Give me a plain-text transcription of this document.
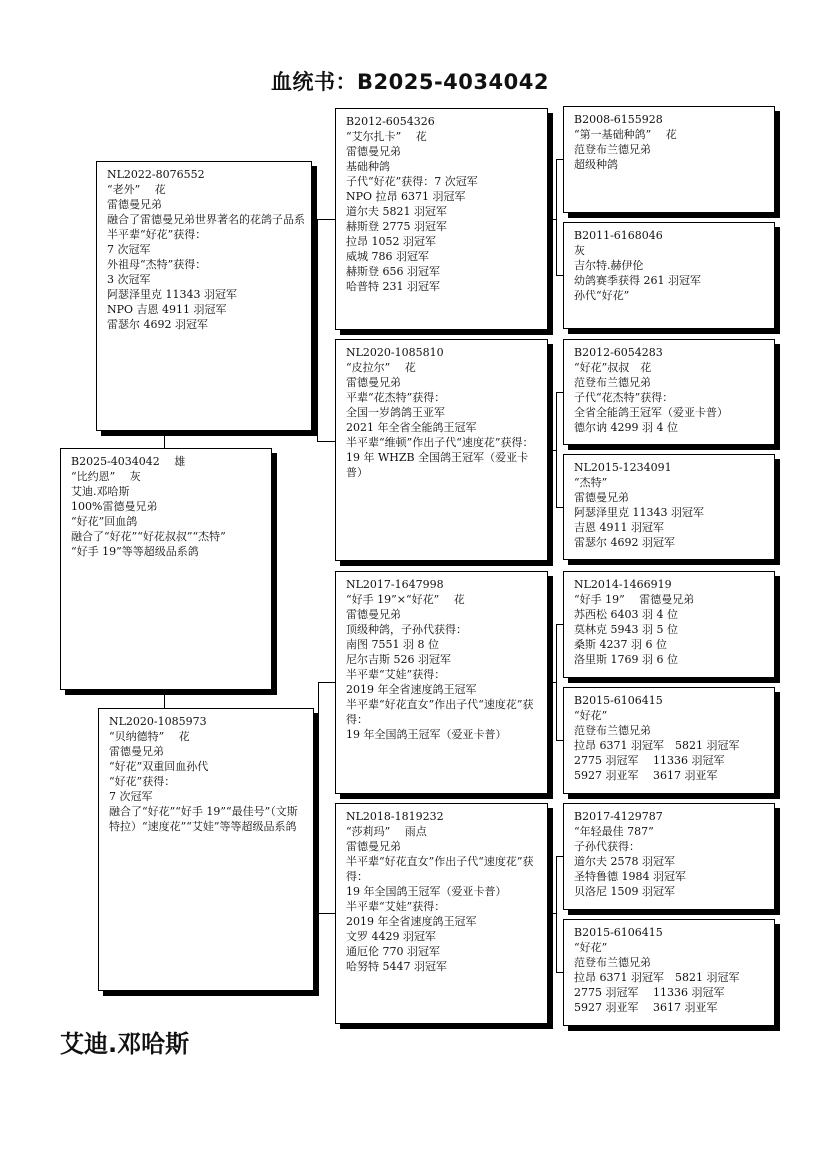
血统书：B2025-4034042
B2025-4034042　 雄
“比约恩”　 灰
艾迪.邓哈斯
100%雷德曼兄弟
“好花”回血鸽
融合了“好花”“好花叔叔”“杰特”
“好手 19”等等超级品系鸽
NL2022-8076552
“老外”　 花
雷德曼兄弟
融合了雷德曼兄弟世界著名的花鸽子品系
半平辈“好花”获得：
7 次冠军
外祖母“杰特”获得：
3 次冠军
阿瑟泽里克 11343 羽冠军
NPO 吉恩 4911 羽冠军
雷瑟尔 4692 羽冠军
NL2020-1085973
“贝纳德特”　 花
雷德曼兄弟
“好花”双重回血孙代
“好花”获得：
7 次冠军
融合了“好花”“好手 19”“最佳号”（文斯特拉）“速度花”“艾娃”等等超级品系鸽
B2012-6054326
“艾尔扎卡”　 花
雷德曼兄弟
基础种鸽
子代“好花”获得：7 次冠军
NPO 拉昂 6371 羽冠军
道尔夫 5821 羽冠军
赫斯登 2775 羽冠军
拉昂 1052 羽冠军
威城 786 羽冠军
赫斯登 656 羽冠军
哈普特 231 羽冠军
NL2020-1085810
“皮拉尔”　 花
雷德曼兄弟
平辈“花杰特”获得：
全国一岁鸽鸽王亚军
2021 年全省全能鸽王冠军
半平辈“维顿”作出子代“速度花”获得：
19 年 WHZB 全国鸽王冠军（爱亚卡普）
NL2017-1647998
“好手 19”×“好花”　 花
雷德曼兄弟
顶级种鸽，子孙代获得：
南图 7551 羽 8 位
尼尔吉斯 526 羽冠军
半平辈“艾娃”获得：
2019 年全省速度鸽王冠军
半平辈“好花直女”作出子代“速度花”获得：
19 年全国鸽王冠军（爱亚卡普）
NL2018-1819232
“莎莉玛”　 雨点
雷德曼兄弟
半平辈“好花直女”作出子代“速度花”获得：
19 年全国鸽王冠军（爱亚卡普）
半平辈“艾娃”获得：
2019 年全省速度鸽王冠军
文罗 4429 羽冠军
通厄伦 770 羽冠军
哈努特 5447 羽冠军
B2008-6155928
“第一基础种鸽”　 花
范登布兰德兄弟
超级种鸽
B2011-6168046
灰
吉尔特.赫伊伦
幼鸽赛季获得 261 羽冠军
孙代“好花”
B2012-6054283
“好花”叔叔　花
范登布兰德兄弟
子代“花杰特”获得：
全省全能鸽王冠军（爱亚卡普）
德尔讷 4299 羽 4 位
NL2015-1234091
“杰特”
雷德曼兄弟
阿瑟泽里克 11343 羽冠军
吉恩 4911 羽冠军
雷瑟尔 4692 羽冠军
NL2014-1466919
“好手 19”　 雷德曼兄弟
苏西松 6403 羽 4 位
莫林克 5943 羽 5 位
桑斯 4237 羽 6 位
洛里斯 1769 羽 6 位
B2015-6106415
“好花”
范登布兰德兄弟
拉昂 6371 羽冠军　5821 羽冠军
2775 羽冠军　 11336 羽冠军
5927 羽亚军　 3617 羽亚军
B2017-4129787
“年轻最佳 787”
子孙代获得：
道尔夫 2578 羽冠军
圣特鲁德 1984 羽冠军
贝洛尼 1509 羽冠军
B2015-6106415
“好花”
范登布兰德兄弟
拉昂 6371 羽冠军　5821 羽冠军
2775 羽冠军　 11336 羽冠军
5927 羽亚军　 3617 羽亚军
艾迪.邓哈斯
